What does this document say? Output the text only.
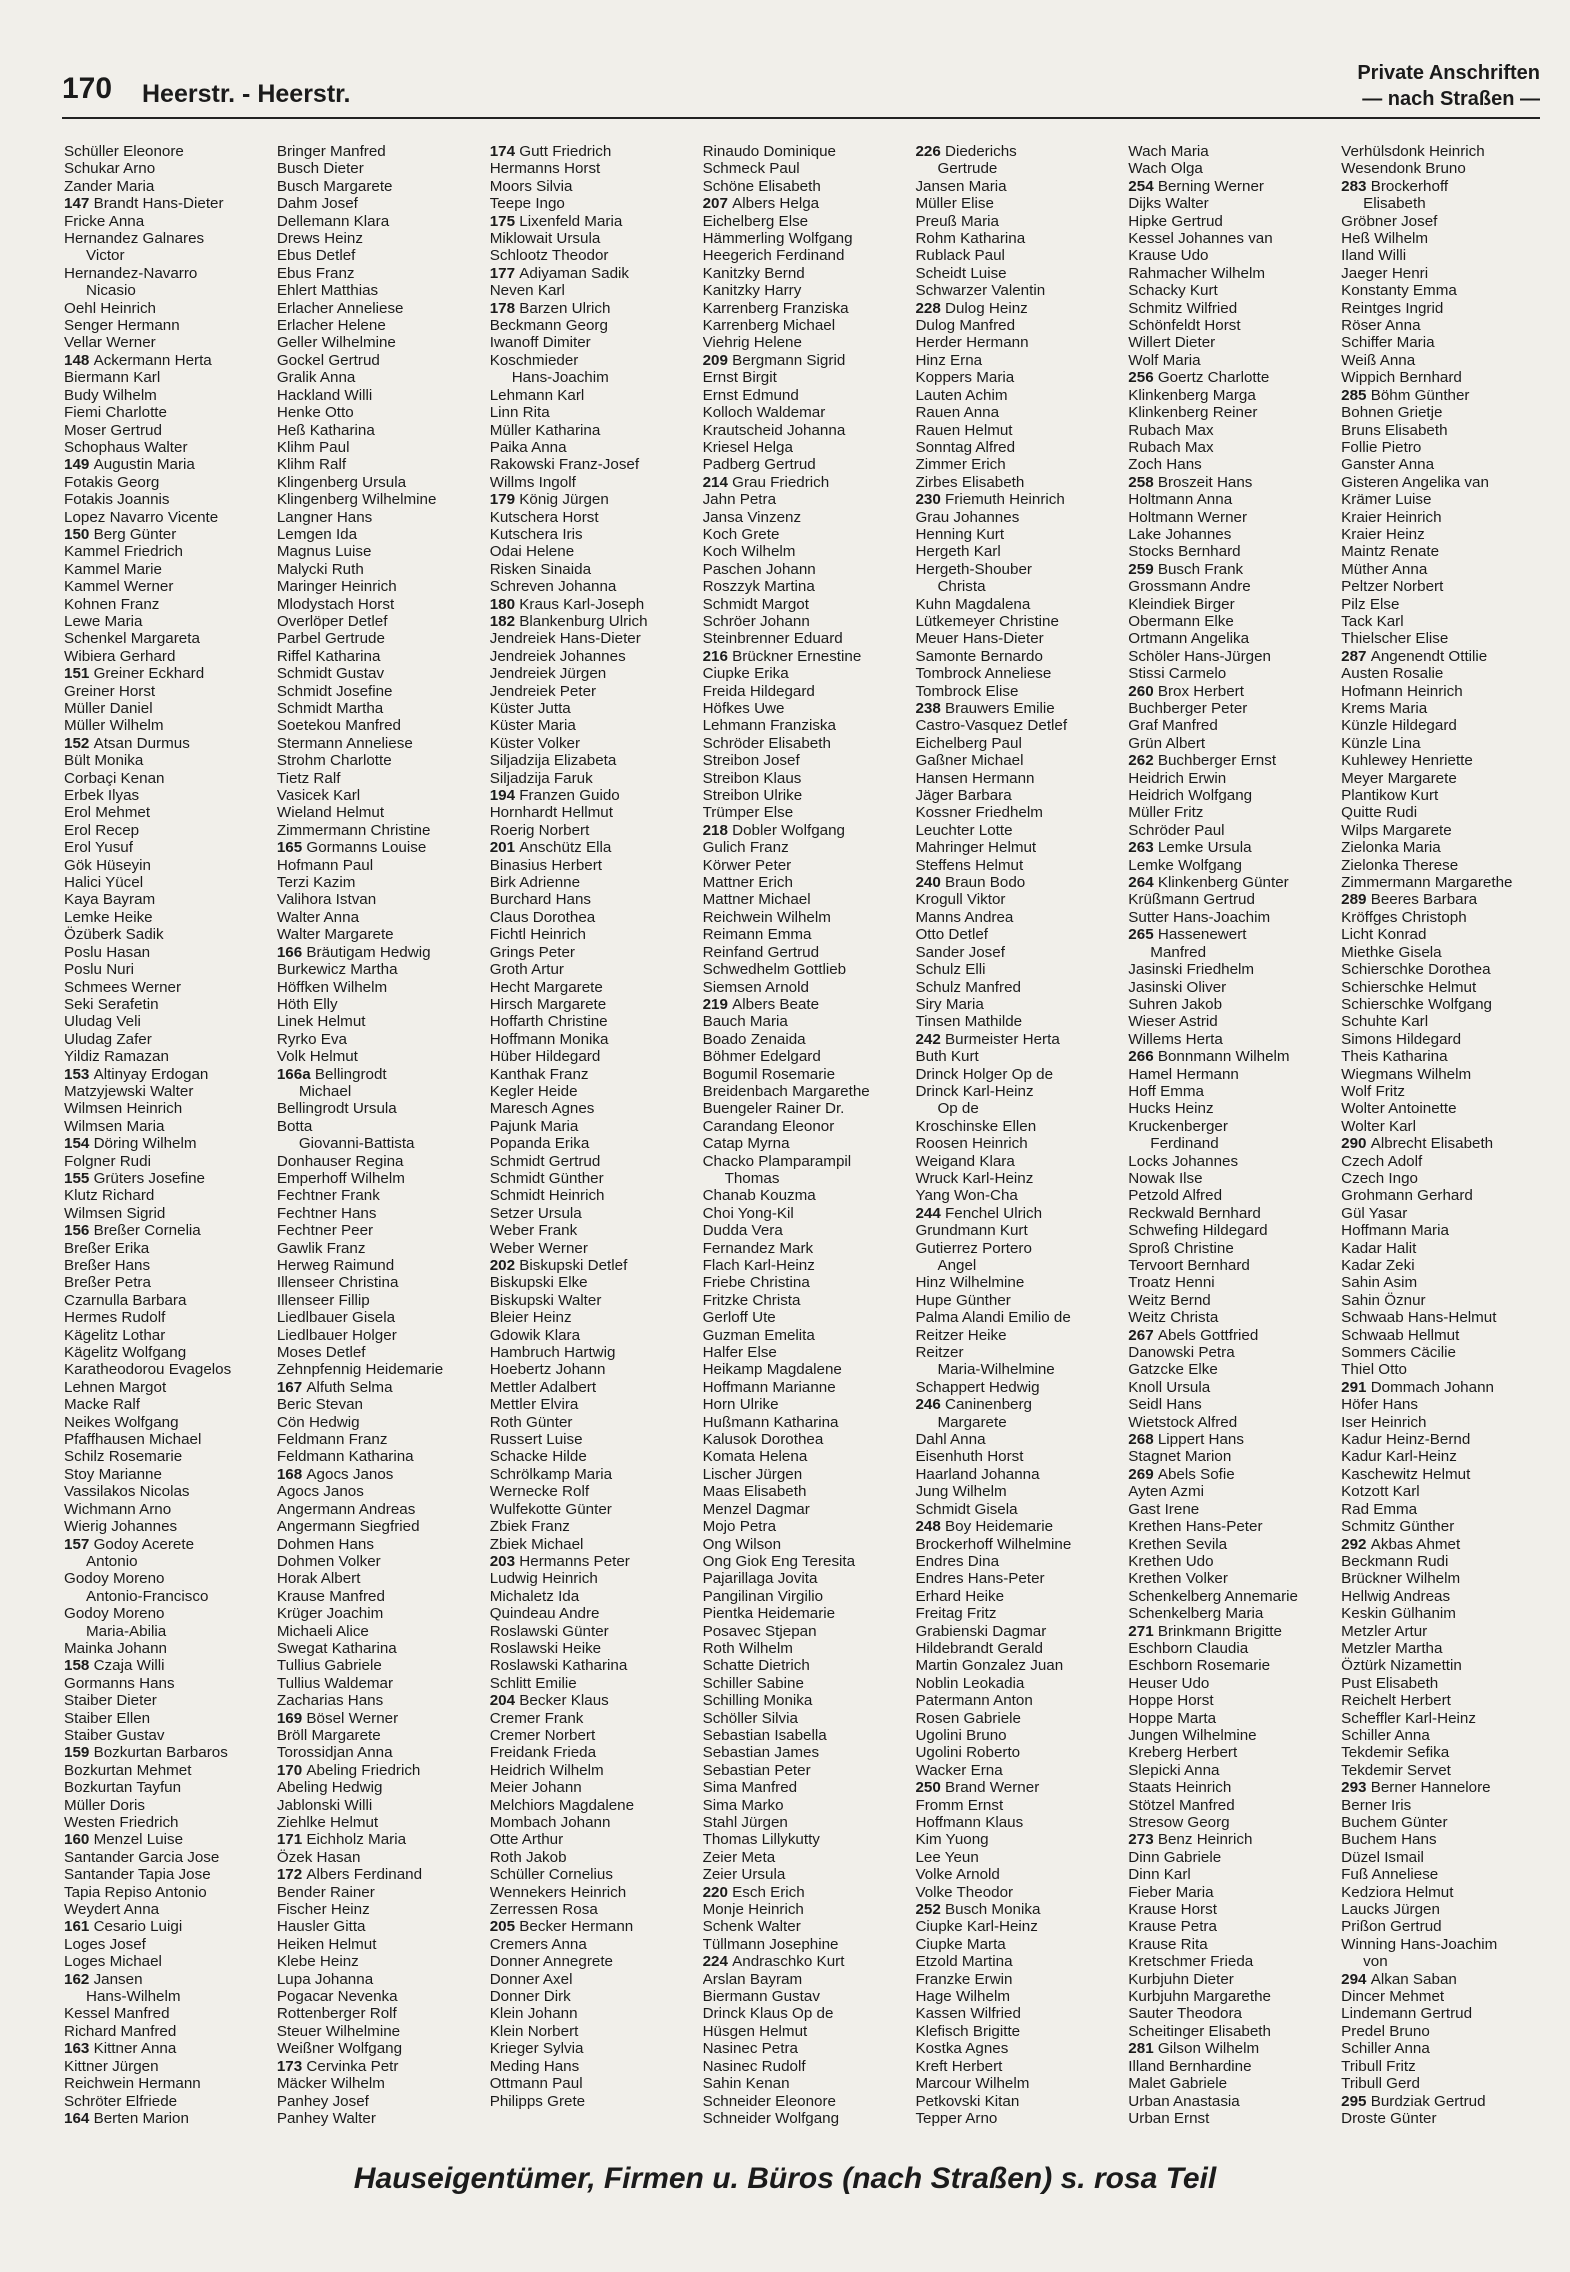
170 Heerstr. - Heerstr.
Private Anschriften
— nach Straßen —
Schüller Eleonore
Schukar Arno
Zander Maria
147 Brandt Hans-Dieter
Fricke Anna
Hernandez Galnares
Victor
Hernandez-Navarro
Nicasio
Oehl Heinrich
Senger Hermann
Vellar Werner
148 Ackermann Herta
Biermann Karl
Budy Wilhelm
Fiemi Charlotte
Moser Gertrud
Schophaus Walter
149 Augustin Maria
Fotakis Georg
Fotakis Joannis
Lopez Navarro Vicente
150 Berg Günter
Kammel Friedrich
Kammel Marie
Kammel Werner
Kohnen Franz
Lewe Maria
Schenkel Margareta
Wibiera Gerhard
151 Greiner Eckhard
Greiner Horst
Müller Daniel
Müller Wilhelm
152 Atsan Durmus
Bült Monika
Corbaçi Kenan
Erbek Ilyas
Erol Mehmet
Erol Recep
Erol Yusuf
Gök Hüseyin
Halici Yücel
Kaya Bayram
Lemke Heike
Özüberk Sadik
Poslu Hasan
Poslu Nuri
Schmees Werner
Seki Serafetin
Uludag Veli
Uludag Zafer
Yildiz Ramazan
153 Altinyay Erdogan
Matzyjewski Walter
Wilmsen Heinrich
Wilmsen Maria
154 Döring Wilhelm
Folgner Rudi
155 Grüters Josefine
Klutz Richard
Wilmsen Sigrid
156 Breßer Cornelia
Breßer Erika
Breßer Hans
Breßer Petra
Czarnulla Barbara
Hermes Rudolf
Kägelitz Lothar
Kägelitz Wolfgang
Karatheodorou Evagelos
Lehnen Margot
Macke Ralf
Neikes Wolfgang
Pfaffhausen Michael
Schilz Rosemarie
Stoy Marianne
Vassilakos Nicolas
Wichmann Arno
Wierig Johannes
157 Godoy Acerete
Antonio
Godoy Moreno
Antonio-Francisco
Godoy Moreno
Maria-Abilia
Mainka Johann
158 Czaja Willi
Gormanns Hans
Staiber Dieter
Staiber Ellen
Staiber Gustav
159 Bozkurtan Barbaros
Bozkurtan Mehmet
Bozkurtan Tayfun
Müller Doris
Westen Friedrich
160 Menzel Luise
Santander Garcia Jose
Santander Tapia Jose
Tapia Repiso Antonio
Weydert Anna
161 Cesario Luigi
Loges Josef
Loges Michael
162 Jansen
Hans-Wilhelm
Kessel Manfred
Richard Manfred
163 Kittner Anna
Kittner Jürgen
Reichwein Hermann
Schröter Elfriede
164 Berten Marion
Bringer Manfred
Busch Dieter
Busch Margarete
Dahm Josef
Dellemann Klara
Drews Heinz
Ebus Detlef
Ebus Franz
Ehlert Matthias
Erlacher Anneliese
Erlacher Helene
Geller Wilhelmine
Gockel Gertrud
Gralik Anna
Hackland Willi
Henke Otto
Heß Katharina
Klihm Paul
Klihm Ralf
Klingenberg Ursula
Klingenberg Wilhelmine
Langner Hans
Lemgen Ida
Magnus Luise
Malycki Ruth
Maringer Heinrich
Mlodystach Horst
Overlöper Detlef
Parbel Gertrude
Riffel Katharina
Schmidt Gustav
Schmidt Josefine
Schmidt Martha
Soetekou Manfred
Stermann Anneliese
Strohm Charlotte
Tietz Ralf
Vasicek Karl
Wieland Helmut
Zimmermann Christine
165 Gormanns Louise
Hofmann Paul
Terzi Kazim
Valihora Istvan
Walter Anna
Walter Margarete
166 Bräutigam Hedwig
Burkewicz Martha
Höffken Wilhelm
Höth Elly
Linek Helmut
Ryrko Eva
Volk Helmut
166a Bellingrodt
Michael
Bellingrodt Ursula
Botta
Giovanni-Battista
Donhauser Regina
Emperhoff Wilhelm
Fechtner Frank
Fechtner Hans
Fechtner Peer
Gawlik Franz
Herweg Raimund
Illenseer Christina
Illenseer Fillip
Liedlbauer Gisela
Liedlbauer Holger
Moses Detlef
Zehnpfennig Heidemarie
167 Alfuth Selma
Beric Stevan
Cön Hedwig
Feldmann Franz
Feldmann Katharina
168 Agocs Janos
Agocs Janos
Angermann Andreas
Angermann Siegfried
Dohmen Hans
Dohmen Volker
Horak Albert
Krause Manfred
Krüger Joachim
Michaeli Alice
Swegat Katharina
Tullius Gabriele
Tullius Waldemar
Zacharias Hans
169 Bösel Werner
Bröll Margarete
Torossidjan Anna
170 Abeling Friedrich
Abeling Hedwig
Jablonski Willi
Ziehlke Helmut
171 Eichholz Maria
Özek Hasan
172 Albers Ferdinand
Bender Rainer
Fischer Heinz
Hausler Gitta
Heiken Helmut
Klebe Heinz
Lupa Johanna
Pogacar Nevenka
Rottenberger Rolf
Steuer Wilhelmine
Weißner Wolfgang
173 Cervinka Petr
Mäcker Wilhelm
Panhey Josef
Panhey Walter
174 Gutt Friedrich
Hermanns Horst
Moors Silvia
Teepe Ingo
175 Lixenfeld Maria
Miklowait Ursula
Schlootz Theodor
177 Adiyaman Sadik
Neven Karl
178 Barzen Ulrich
Beckmann Georg
Iwanoff Dimiter
Koschmieder
Hans-Joachim
Lehmann Karl
Linn Rita
Müller Katharina
Paika Anna
Rakowski Franz-Josef
Willms Ingolf
179 König Jürgen
Kutschera Horst
Kutschera Iris
Odai Helene
Risken Sinaida
Schreven Johanna
180 Kraus Karl-Joseph
182 Blankenburg Ulrich
Jendreiek Hans-Dieter
Jendreiek Johannes
Jendreiek Jürgen
Jendreiek Peter
Küster Jutta
Küster Maria
Küster Volker
Siljadzija Elizabeta
Siljadzija Faruk
194 Franzen Guido
Hornhardt Hellmut
Roerig Norbert
201 Anschütz Ella
Binasius Herbert
Birk Adrienne
Burchard Hans
Claus Dorothea
Fichtl Heinrich
Grings Peter
Groth Artur
Hecht Margarete
Hirsch Margarete
Hoffarth Christine
Hoffmann Monika
Hüber Hildegard
Kanthak Franz
Kegler Heide
Maresch Agnes
Pajunk Maria
Popanda Erika
Schmidt Gertrud
Schmidt Günther
Schmidt Heinrich
Setzer Ursula
Weber Frank
Weber Werner
202 Biskupski Detlef
Biskupski Elke
Biskupski Walter
Bleier Heinz
Gdowik Klara
Hambruch Hartwig
Hoebertz Johann
Mettler Adalbert
Mettler Elvira
Roth Günter
Russert Luise
Schacke Hilde
Schrölkamp Maria
Wernecke Rolf
Wulfekotte Günter
Zbiek Franz
Zbiek Michael
203 Hermanns Peter
Ludwig Heinrich
Michaletz Ida
Quindeau Andre
Roslawski Günter
Roslawski Heike
Roslawski Katharina
Schlitt Emilie
204 Becker Klaus
Cremer Frank
Cremer Norbert
Freidank Frieda
Heidrich Wilhelm
Meier Johann
Melchiors Magdalene
Mombach Johann
Otte Arthur
Roth Jakob
Schüller Cornelius
Wennekers Heinrich
Zerressen Rosa
205 Becker Hermann
Cremers Anna
Donner Annegrete
Donner Axel
Donner Dirk
Klein Johann
Klein Norbert
Krieger Sylvia
Meding Hans
Ottmann Paul
Philipps Grete
Rinaudo Dominique
Schmeck Paul
Schöne Elisabeth
207 Albers Helga
Eichelberg Else
Hämmerling Wolfgang
Heegerich Ferdinand
Kanitzky Bernd
Kanitzky Harry
Karrenberg Franziska
Karrenberg Michael
Viehrig Helene
209 Bergmann Sigrid
Ernst Birgit
Ernst Edmund
Kolloch Waldemar
Krautscheid Johanna
Kriesel Helga
Padberg Gertrud
214 Grau Friedrich
Jahn Petra
Jansa Vinzenz
Koch Grete
Koch Wilhelm
Paschen Johann
Roszzyk Martina
Schmidt Margot
Schröer Johann
Steinbrenner Eduard
216 Brückner Ernestine
Ciupke Erika
Freida Hildegard
Höfkes Uwe
Lehmann Franziska
Schröder Elisabeth
Streibon Josef
Streibon Klaus
Streibon Ulrike
Trümper Else
218 Dobler Wolfgang
Gulich Franz
Körwer Peter
Mattner Erich
Mattner Michael
Reichwein Wilhelm
Reimann Emma
Reinfand Gertrud
Schwedhelm Gottlieb
Siemsen Arnold
219 Albers Beate
Bauch Maria
Boado Zenaida
Böhmer Edelgard
Bogumil Rosemarie
Breidenbach Margarethe
Buengeler Rainer Dr.
Carandang Eleonor
Catap Myrna
Chacko Plamparampil
Thomas
Chanab Kouzma
Choi Yong-Kil
Dudda Vera
Fernandez Mark
Flach Karl-Heinz
Friebe Christina
Fritzke Christa
Gerloff Ute
Guzman Emelita
Halfer Else
Heikamp Magdalene
Hoffmann Marianne
Horn Ulrike
Hußmann Katharina
Kalusok Dorothea
Komata Helena
Lischer Jürgen
Maas Elisabeth
Menzel Dagmar
Mojo Petra
Ong Wilson
Ong Giok Eng Teresita
Pajarillaga Jovita
Pangilinan Virgilio
Pientka Heidemarie
Posavec Stjepan
Roth Wilhelm
Schatte Dietrich
Schiller Sabine
Schilling Monika
Schöller Silvia
Sebastian Isabella
Sebastian James
Sebastian Peter
Sima Manfred
Sima Marko
Stahl Jürgen
Thomas Lillykutty
Zeier Meta
Zeier Ursula
220 Esch Erich
Monje Heinrich
Schenk Walter
Tüllmann Josephine
224 Andraschko Kurt
Arslan Bayram
Biermann Gustav
Drinck Klaus Op de
Hüsgen Helmut
Nasinec Petra
Nasinec Rudolf
Sahin Kenan
Schneider Eleonore
Schneider Wolfgang
226 Diederichs
Gertrude
Jansen Maria
Müller Elise
Preuß Maria
Rohm Katharina
Rublack Paul
Scheidt Luise
Schwarzer Valentin
228 Dulog Heinz
Dulog Manfred
Herder Hermann
Hinz Erna
Koppers Maria
Lauten Achim
Rauen Anna
Rauen Helmut
Sonntag Alfred
Zimmer Erich
Zirbes Elisabeth
230 Friemuth Heinrich
Grau Johannes
Henning Kurt
Hergeth Karl
Hergeth-Shouber
Christa
Kuhn Magdalena
Lütkemeyer Christine
Meuer Hans-Dieter
Samonte Bernardo
Tombrock Anneliese
Tombrock Elise
238 Brauwers Emilie
Castro-Vasquez Detlef
Eichelberg Paul
Gaßner Michael
Hansen Hermann
Jäger Barbara
Kossner Friedhelm
Leuchter Lotte
Mahringer Helmut
Steffens Helmut
240 Braun Bodo
Krogull Viktor
Manns Andrea
Otto Detlef
Sander Josef
Schulz Elli
Schulz Manfred
Siry Maria
Tinsen Mathilde
242 Burmeister Herta
Buth Kurt
Drinck Holger Op de
Drinck Karl-Heinz
Op de
Kroschinske Ellen
Roosen Heinrich
Weigand Klara
Wruck Karl-Heinz
Yang Won-Cha
244 Fenchel Ulrich
Grundmann Kurt
Gutierrez Portero
Angel
Hinz Wilhelmine
Hupe Günther
Palma Alandi Emilio de
Reitzer Heike
Reitzer
Maria-Wilhelmine
Schappert Hedwig
246 Caninenberg
Margarete
Dahl Anna
Eisenhuth Horst
Haarland Johanna
Jung Wilhelm
Schmidt Gisela
248 Boy Heidemarie
Brockerhoff Wilhelmine
Endres Dina
Endres Hans-Peter
Erhard Heike
Freitag Fritz
Grabienski Dagmar
Hildebrandt Gerald
Martin Gonzalez Juan
Noblin Leokadia
Patermann Anton
Rosen Gabriele
Ugolini Bruno
Ugolini Roberto
Wacker Erna
250 Brand Werner
Fromm Ernst
Hoffmann Klaus
Kim Yuong
Lee Yeun
Volke Arnold
Volke Theodor
252 Busch Monika
Ciupke Karl-Heinz
Ciupke Marta
Etzold Martina
Franzke Erwin
Hage Wilhelm
Kassen Wilfried
Klefisch Brigitte
Kostka Agnes
Kreft Herbert
Marcour Wilhelm
Petkovski Kitan
Tepper Arno
Wach Maria
Wach Olga
254 Berning Werner
Dijks Walter
Hipke Gertrud
Kessel Johannes van
Krause Udo
Rahmacher Wilhelm
Schacky Kurt
Schmitz Wilfried
Schönfeldt Horst
Willert Dieter
Wolf Maria
256 Goertz Charlotte
Klinkenberg Marga
Klinkenberg Reiner
Rubach Max
Rubach Max
Zoch Hans
258 Broszeit Hans
Holtmann Anna
Holtmann Werner
Lake Johannes
Stocks Bernhard
259 Busch Frank
Grossmann Andre
Kleindiek Birger
Obermann Elke
Ortmann Angelika
Schöler Hans-Jürgen
Stissi Carmelo
260 Brox Herbert
Buchberger Peter
Graf Manfred
Grün Albert
262 Buchberger Ernst
Heidrich Erwin
Heidrich Wolfgang
Müller Fritz
Schröder Paul
263 Lemke Ursula
Lemke Wolfgang
264 Klinkenberg Günter
Krüßmann Gertrud
Sutter Hans-Joachim
265 Hassenewert
Manfred
Jasinski Friedhelm
Jasinski Oliver
Suhren Jakob
Wieser Astrid
Willems Herta
266 Bonnmann Wilhelm
Hamel Hermann
Hoff Emma
Hucks Heinz
Kruckenberger
Ferdinand
Locks Johannes
Nowak Ilse
Petzold Alfred
Reckwald Bernhard
Schwefing Hildegard
Sproß Christine
Tervoort Bernhard
Troatz Henni
Weitz Bernd
Weitz Christa
267 Abels Gottfried
Danowski Petra
Gatzcke Elke
Knoll Ursula
Seidl Hans
Wietstock Alfred
268 Lippert Hans
Stagnet Marion
269 Abels Sofie
Ayten Azmi
Gast Irene
Krethen Hans-Peter
Krethen Sevila
Krethen Udo
Krethen Volker
Schenkelberg Annemarie
Schenkelberg Maria
271 Brinkmann Brigitte
Eschborn Claudia
Eschborn Rosemarie
Heuser Udo
Hoppe Horst
Hoppe Marta
Jungen Wilhelmine
Kreberg Herbert
Slepicki Anna
Staats Heinrich
Stötzel Manfred
Stresow Georg
273 Benz Heinrich
Dinn Gabriele
Dinn Karl
Fieber Maria
Krause Horst
Krause Petra
Krause Rita
Kretschmer Frieda
Kurbjuhn Dieter
Kurbjuhn Margarethe
Sauter Theodora
Scheitinger Elisabeth
281 Gilson Wilhelm
Illand Bernhardine
Malet Gabriele
Urban Anastasia
Urban Ernst
Verhülsdonk Heinrich
Wesendonk Bruno
283 Brockerhoff
Elisabeth
Gröbner Josef
Heß Wilhelm
Iland Willi
Jaeger Henri
Konstanty Emma
Reintges Ingrid
Röser Anna
Schiffer Maria
Weiß Anna
Wippich Bernhard
285 Böhm Günther
Bohnen Grietje
Bruns Elisabeth
Follie Pietro
Ganster Anna
Gisteren Angelika van
Krämer Luise
Kraier Heinrich
Kraier Heinz
Maintz Renate
Müther Anna
Peltzer Norbert
Pilz Else
Tack Karl
Thielscher Elise
287 Angenendt Ottilie
Austen Rosalie
Hofmann Heinrich
Krems Maria
Künzle Hildegard
Künzle Lina
Kuhlewey Henriette
Meyer Margarete
Plantikow Kurt
Quitte Rudi
Wilps Margarete
Zielonka Maria
Zielonka Therese
Zimmermann Margarethe
289 Beeres Barbara
Kröffges Christoph
Licht Konrad
Miethke Gisela
Schierschke Dorothea
Schierschke Helmut
Schierschke Wolfgang
Schuhte Karl
Simons Hildegard
Theis Katharina
Wiegmans Wilhelm
Wolf Fritz
Wolter Antoinette
Wolter Karl
290 Albrecht Elisabeth
Czech Adolf
Czech Ingo
Grohmann Gerhard
Gül Yasar
Hoffmann Maria
Kadar Halit
Kadar Zeki
Sahin Asim
Sahin Öznur
Schwaab Hans-Helmut
Schwaab Hellmut
Sommers Cäcilie
Thiel Otto
291 Dommach Johann
Höfer Hans
Iser Heinrich
Kadur Heinz-Bernd
Kadur Karl-Heinz
Kaschewitz Helmut
Kotzott Karl
Rad Emma
Schmitz Günther
292 Akbas Ahmet
Beckmann Rudi
Brückner Wilhelm
Hellwig Andreas
Keskin Gülhanim
Metzler Artur
Metzler Martha
Öztürk Nizamettin
Pust Elisabeth
Reichelt Herbert
Scheffler Karl-Heinz
Schiller Anna
Tekdemir Sefika
Tekdemir Servet
293 Berner Hannelore
Berner Iris
Buchem Günter
Buchem Hans
Düzel Ismail
Fuß Anneliese
Kedziora Helmut
Laucks Jürgen
Prißon Gertrud
Winning Hans-Joachim
von
294 Alkan Saban
Dincer Mehmet
Lindemann Gertrud
Predel Bruno
Schiller Anna
Tribull Fritz
Tribull Gerd
295 Burdziak Gertrud
Droste Günter
Hauseigentümer, Firmen u. Büros (nach Straßen) s. rosa Teil
